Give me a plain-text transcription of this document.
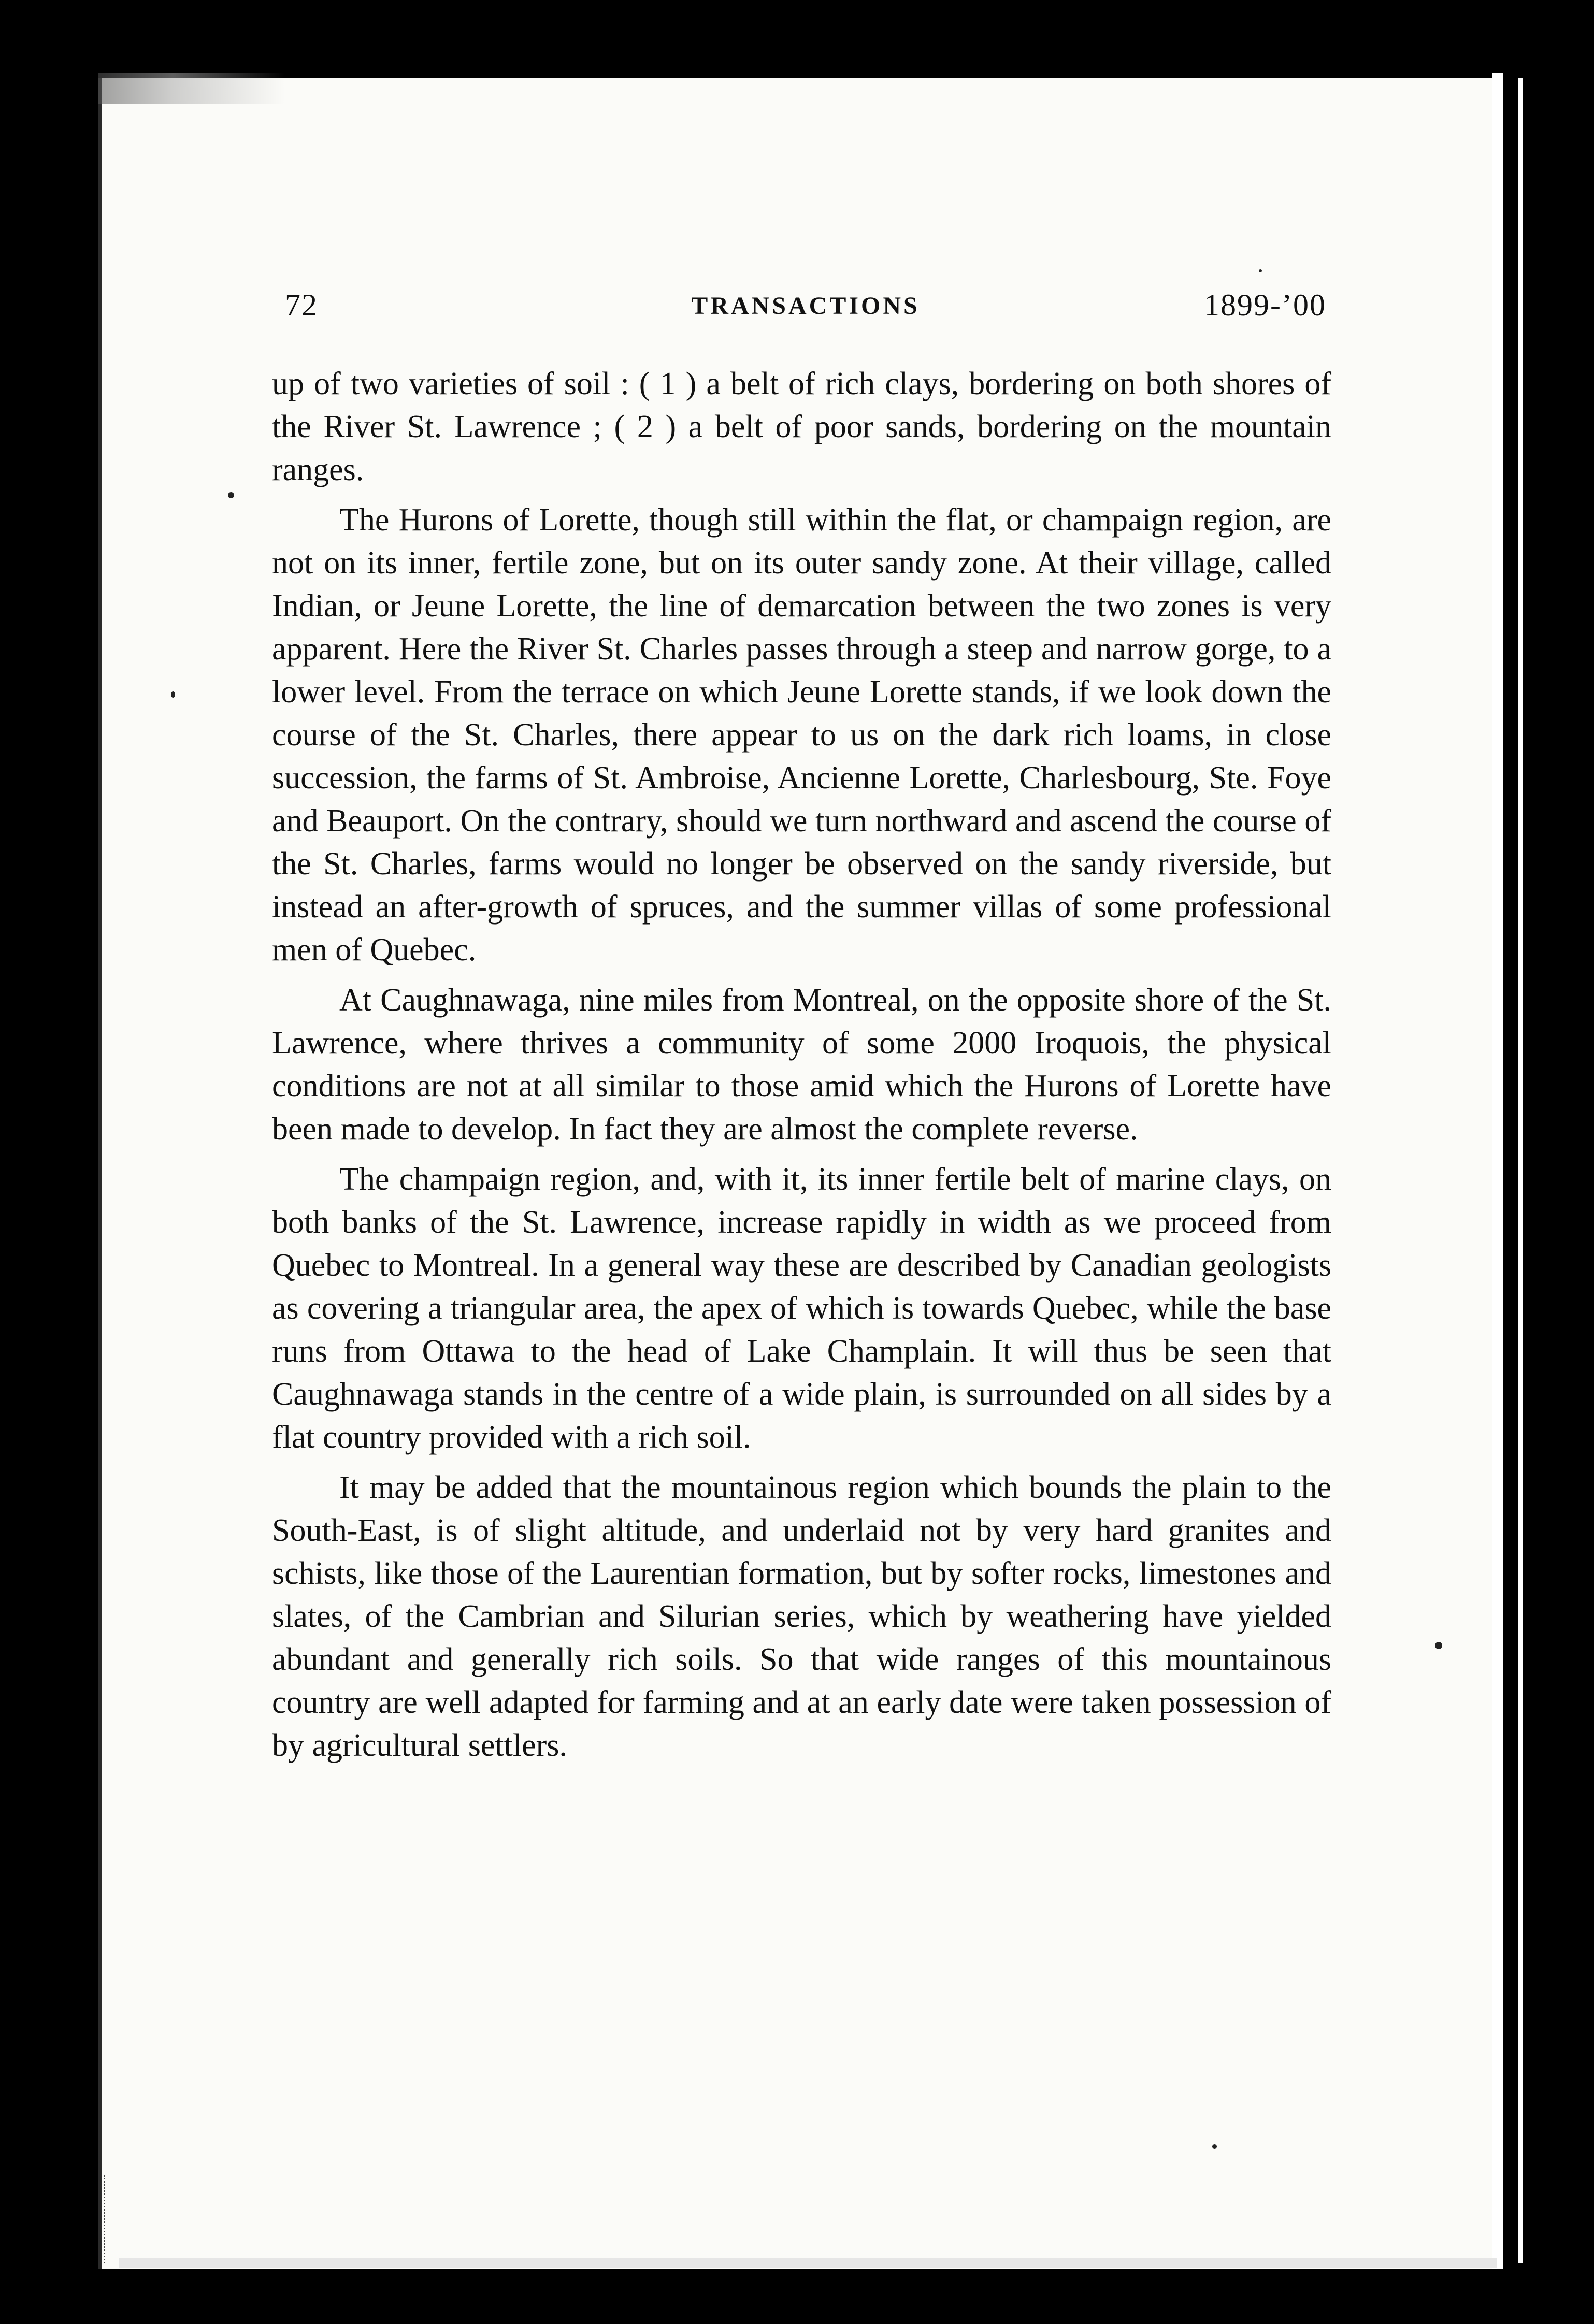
72	TRANSACTIONS	1899-’00

up of two varieties of soil : ( 1 ) a belt of rich clays, bordering on both shores of the River St. Lawrence ; ( 2 ) a belt of poor sands, bordering on the mountain ranges.

The Hurons of Lorette, though still within the flat, or champaign region, are not on its inner, fertile zone, but on its outer sandy zone. At their village, called Indian, or Jeune Lorette, the line of demarcation between the two zones is very apparent. Here the River St. Charles passes through a steep and narrow gorge, to a lower level. From the terrace on which Jeune Lorette stands, if we look down the course of the St. Charles, there appear to us on the dark rich loams, in close succession, the farms of St. Ambroise, Ancienne Lorette, Charlesbourg, Ste. Foye and Beauport. On the contrary, should we turn northward and ascend the course of the St. Charles, farms would no longer be observed on the sandy riverside, but instead an after-growth of spruces, and the summer villas of some professional men of Quebec.

At Caughnawaga, nine miles from Montreal, on the opposite shore of the St. Lawrence, where thrives a community of some 2000 Iroquois, the physical conditions are not at all similar to those amid which the Hurons of Lorette have been made to develop. In fact they are almost the complete reverse.

The champaign region, and, with it, its inner fertile belt of marine clays, on both banks of the St. Lawrence, increase rapidly in width as we proceed from Quebec to Montreal. In a general way these are described by Canadian geologists as covering a triangular area, the apex of which is towards Quebec, while the base runs from Ottawa to the head of Lake Champlain. It will thus be seen that Caughnawaga stands in the centre of a wide plain, is surrounded on all sides by a flat country provided with a rich soil.

It may be added that the mountainous region which bounds the plain to the South-East, is of slight altitude, and underlaid not by very hard granites and schists, like those of the Laurentian formation, but by softer rocks, limestones and slates, of the Cambrian and Silurian series, which by weathering have yielded abundant and generally rich soils. So that wide ranges of this mountainous country are well adapted for farming and at an early date were taken possession of by agricultural settlers.
